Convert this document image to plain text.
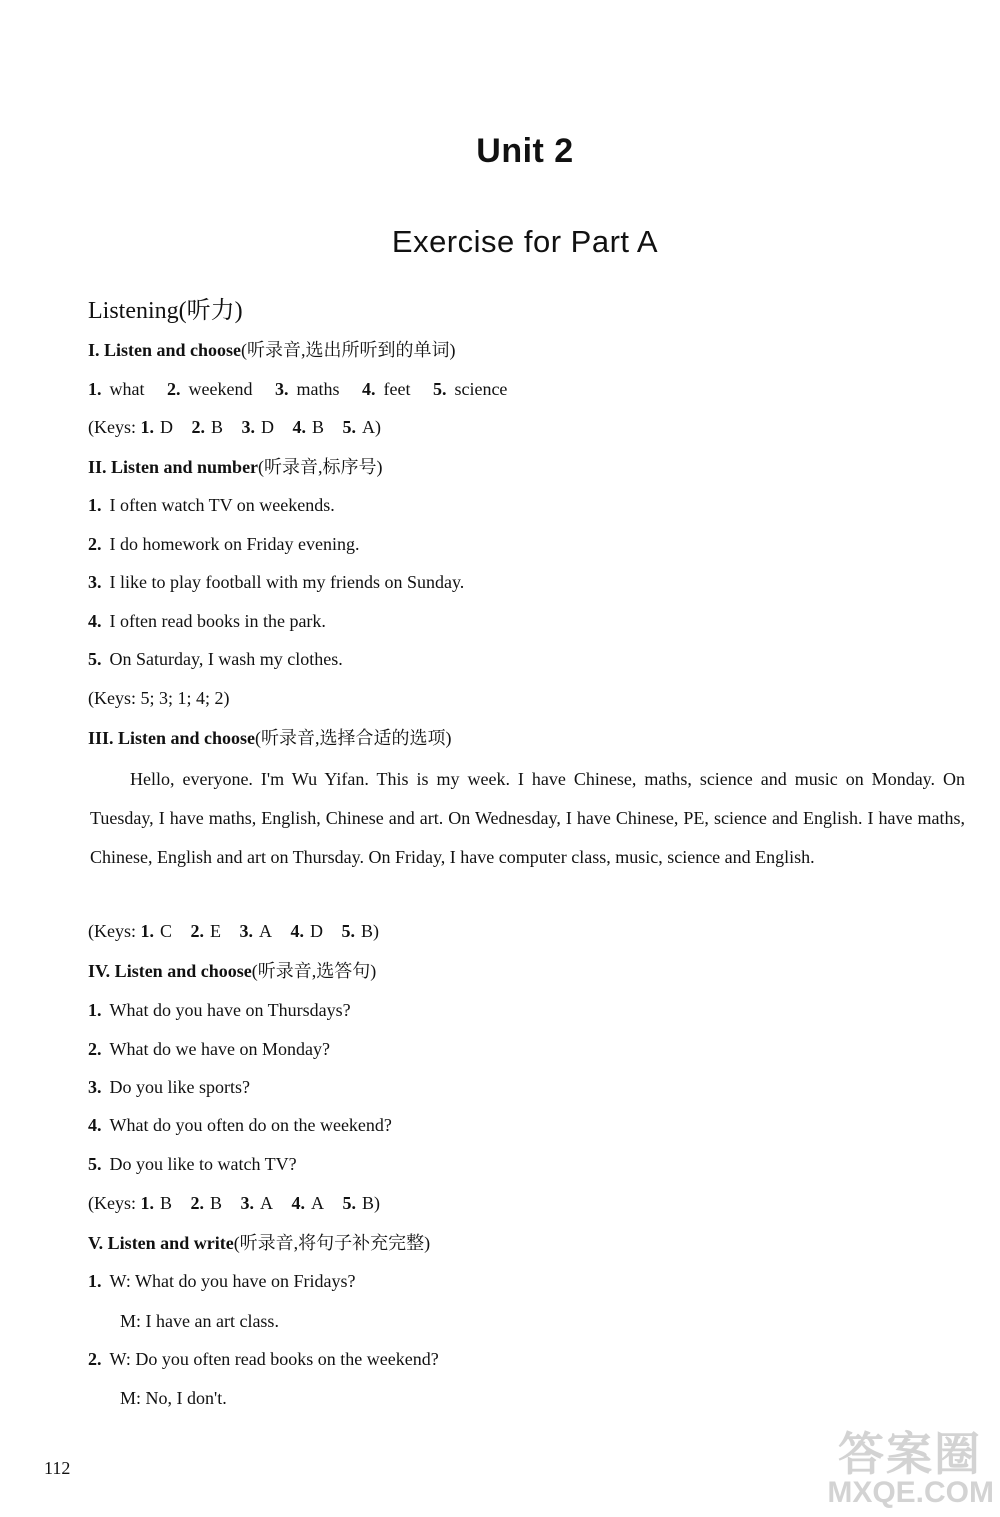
Unit 2
Exercise for Part A
Listening(听力)
I. Listen and choose(听录音,选出所听到的单词)
1. what 2. weekend 3. maths 4. feet 5. science
(Keys: 1. D 2. B 3. D 4. B 5. A)
II. Listen and number(听录音,标序号)
1. I often watch TV on weekends.
2. I do homework on Friday evening.
3. I like to play football with my friends on Sunday.
4. I often read books in the park.
5. On Saturday, I wash my clothes.
(Keys: 5; 3; 1; 4; 2)
III. Listen and choose(听录音,选择合适的选项)

Hello, everyone. I'm Wu Yifan. This is my week. I have Chinese, maths, science and music on Monday. On Tuesday, I have maths, English, Chinese and art. On Wednesday, I have Chinese, PE, science and English. I have maths, Chinese, English and art on Thursday. On Friday, I have computer class, music, science and English.

(Keys: 1. C 2. E 3. A 4. D 5. B)
IV. Listen and choose(听录音,选答句)
1. What do you have on Thursdays?
2. What do we have on Monday?
3. Do you like sports?
4. What do you often do on the weekend?
5. Do you like to watch TV?
(Keys: 1. B 2. B 3. A 4. A 5. B)
V. Listen and write(听录音,将句子补充完整)
1. W: What do you have on Fridays?
M: I have an art class.
2. W: Do you often read books on the weekend?
M: No, I don't.
112	答案圈
MXQE.COM
